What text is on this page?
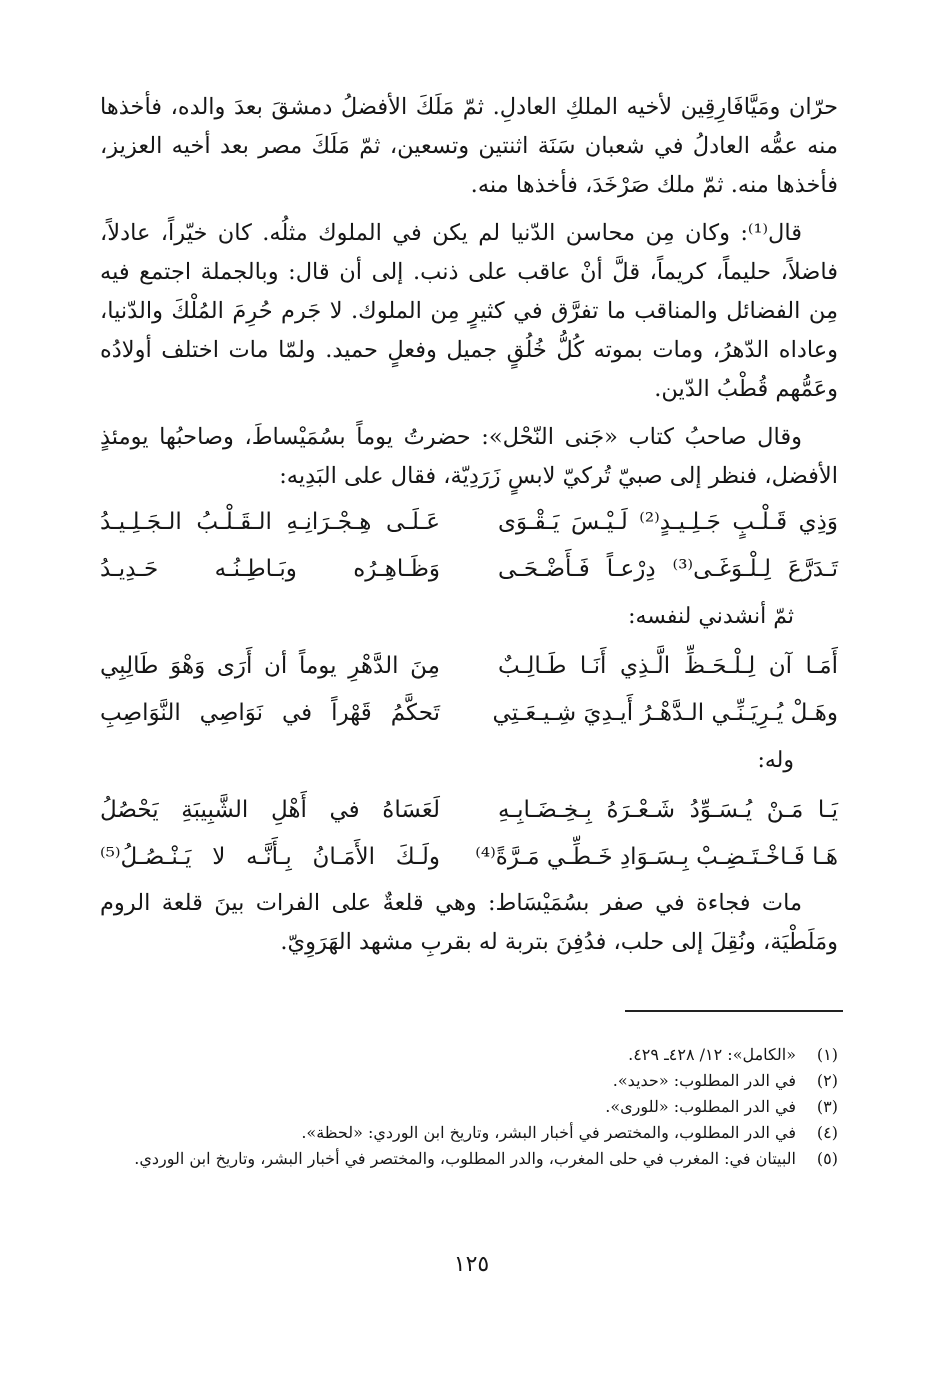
حرّان ومَيَّافَارِقِين لأخيه الملكِ العادلِ. ثمّ مَلَكَ الأفضلُ دمشقَ بعدَ والده، فأخذها منه عمُّه العادلُ في شعبان سَنَة اثنتين وتسعين، ثمّ مَلَكَ مصر بعد أخيه العزيز، فأخذها منه. ثمّ ملك صَرْخَدَ، فأخذها منه.

قال⁽¹⁾: وكان مِن محاسن الدّنيا لم يكن في الملوك مثلُه. كان خيّراً، عادلاً، فاضلاً، حليماً، كريماً، قلَّ أنْ عاقب على ذنب. إلى أن قال: وبالجملة اجتمع فيه مِن الفضائل والمناقب ما تفرَّق في كثيرٍ مِن الملوك. لا جَرم حُرِمَ المُلْكَ والدّنيا، وعاداه الدّهرُ، ومات بموته كُلُّ خُلُقٍ جميل وفعلٍ حميد. ولمّا مات اختلف أولادُه وعَمُّهم قُطْبُ الدّين.

وقال صاحبُ كتاب «جَنى النّحْل»: حضرتُ يوماً بسُمَيْساطَ، وصاحبُها يومئذٍ الأفضل، فنظر إلى صبيّ تُركيّ لابسٍ زَرَدِيّة، فقال على البَدِيه:

وَذِي قَـلْـبٍ جَـلِـيـدٍ⁽²⁾ لَـيْـسَ يَـقْـوَى
عَـلَـى هِـجْـرَانِـهِ الـقَـلْـبُ الـجَـلِـيـدُ
تَـدَرَّعَ لِـلْـوَغَـى⁽³⁾ دِرْعـاً فَـأَضْـحَـى
وَظَـاهِـرُه وبَـاطِـنُـه حَـدِيـدُ
ثمّ أنشدني لنفسه:
أَمَـا آن لِـلْـحَـظِّ الَّـذِي أَنَـا طَـالِـبٌ
مِنَ الدَّهْرِ يوماً أن أَرَى وَهْوَ طَالِبِي
وهَـلْ يُـرِيَـنِّـي الـدَّهْـرُ أَيـدِيَ شِـيـعَـتِي
تَحكَّمُ قَهْراً في نَوَاصِي النَّوَاصِبِ
وله:
يَـا مَـنْ يُـسَـوِّدُ شَـعْـرَهُ بِـخِـضَـابِـهِ
لَعَسَاهُ في أَهْلِ الشَّبِيبَةِ يَحْصُلُ
هَـا فَـاخْـتَـضِـبْ بِـسَـوَادِ خَـطِّـي مَـرَّةً⁽⁴⁾
ولَـكَ الأَمَـانُ بِـأَنَّـه لا يَـنْـصُـلُ⁽⁵⁾

مات فجاءة في صفر بسُمَيْسَاط: وهي قلعةٌ على الفرات بينَ قلعة الروم ومَلَطْيَة، ونُقِلَ إلى حلب، فدُفِنَ بتربة له بقربِ مشهد الهَرَوِيّ.

(١)
«الكامل»: ١٢/ ٤٢٨ـ ٤٢٩.
(٢)
في الدر المطلوب: «حديد».
(٣)
في الدر المطلوب: «للورى».
(٤)
في الدر المطلوب، والمختصر في أخبار البشر، وتاريخ ابن الوردي: «لحظة».
(٥)
البيتان في: المغرب في حلى المغرب، والدر المطلوب، والمختصر في أخبار البشر، وتاريخ ابن الوردي.
١٢٥
